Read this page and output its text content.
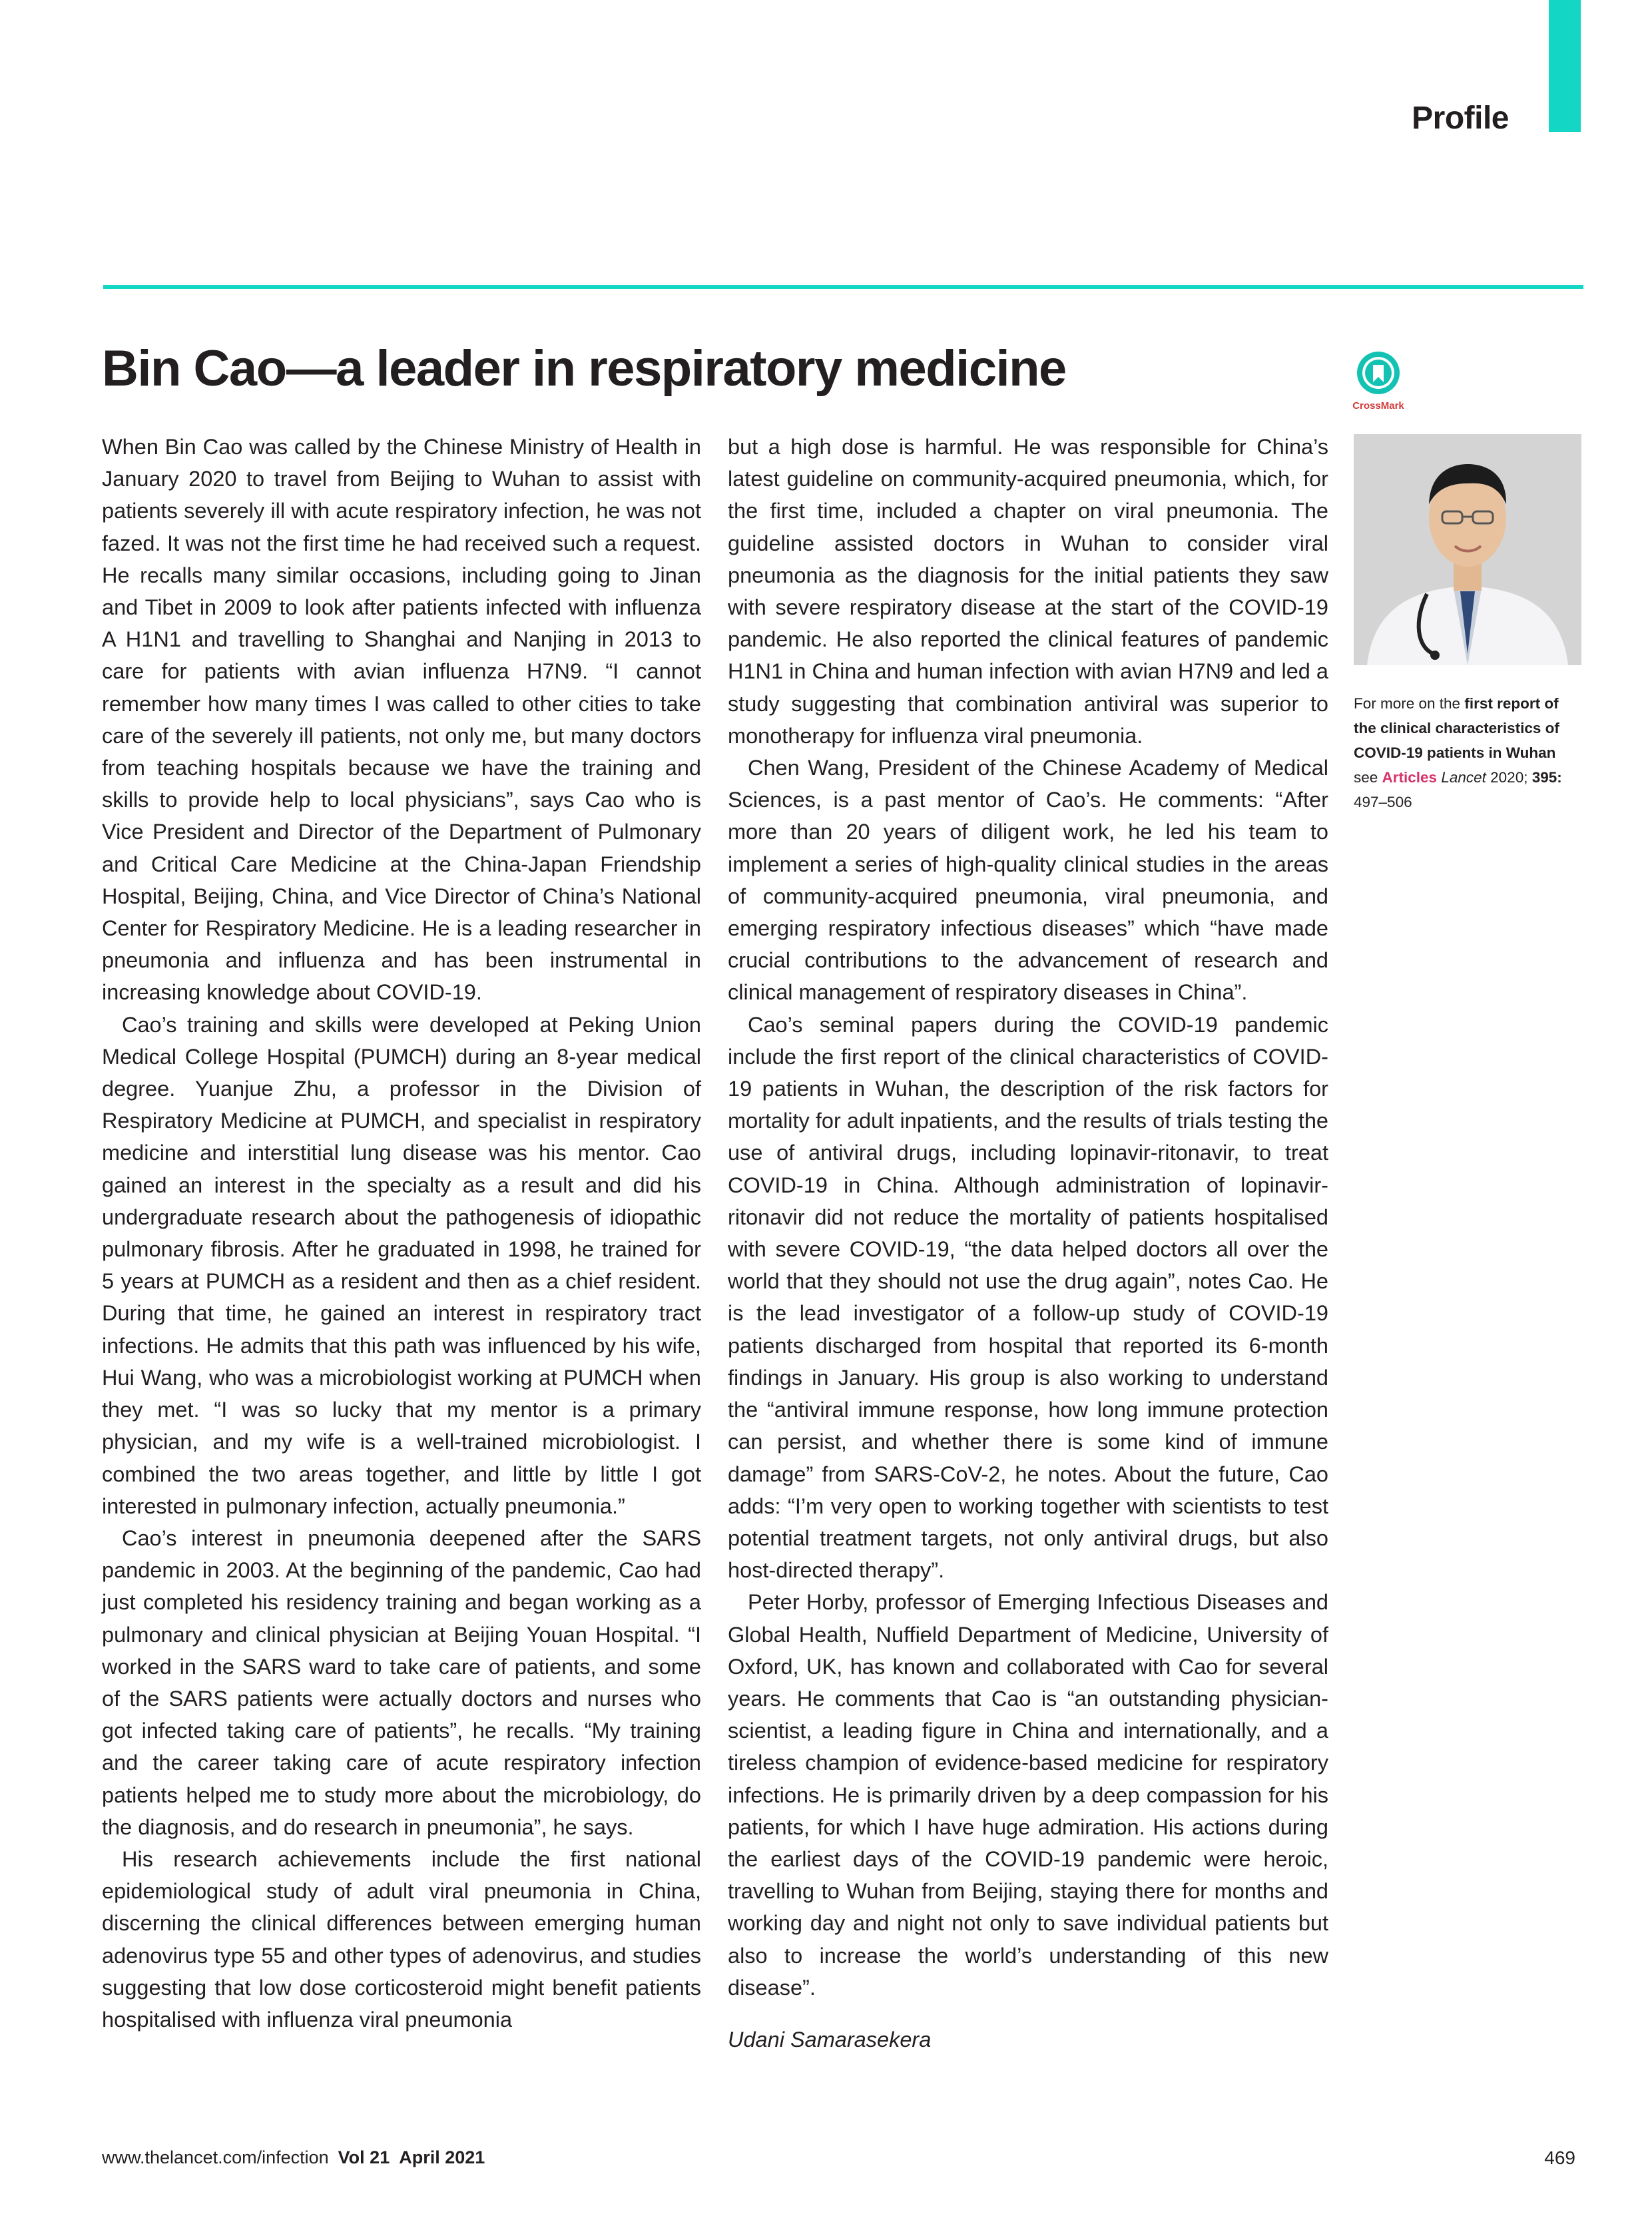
Profile
Bin Cao—a leader in respiratory medicine
CrossMark

When Bin Cao was called by the Chinese Ministry of Health in January 2020 to travel from Beijing to Wuhan to assist with patients severely ill with acute respiratory infection, he was not fazed. It was not the first time he had received such a request. He recalls many similar occasions, including going to Jinan and Tibet in 2009 to look after patients infected with influenza A H1N1 and travelling to Shanghai and Nanjing in 2013 to care for patients with avian influenza H7N9. “I cannot remember how many times I was called to other cities to take care of the severely ill patients, not only me, but many doctors from teaching hospitals because we have the training and skills to provide help to local physicians”, says Cao who is Vice President and Director of the Department of Pulmonary and Critical Care Medicine at the China-Japan Friendship Hospital, Beijing, China, and Vice Director of China’s National Center for Respiratory Medicine. He is a leading researcher in pneumonia and influenza and has been instrumental in increasing knowledge about COVID-19.

Cao’s training and skills were developed at Peking Union Medical College Hospital (PUMCH) during an 8-year medical degree. Yuanjue Zhu, a professor in the Division of Respiratory Medicine at PUMCH, and specialist in respiratory medicine and interstitial lung disease was his mentor. Cao gained an interest in the specialty as a result and did his undergraduate research about the pathogenesis of idiopathic pulmonary fibrosis. After he graduated in 1998, he trained for 5 years at PUMCH as a resident and then as a chief resident. During that time, he gained an interest in respiratory tract infections. He admits that this path was influenced by his wife, Hui Wang, who was a microbiologist working at PUMCH when they met. “I was so lucky that my mentor is a primary physician, and my wife is a well-trained microbiologist. I combined the two areas together, and little by little I got interested in pulmonary infection, actually pneumonia.”

Cao’s interest in pneumonia deepened after the SARS pandemic in 2003. At the beginning of the pandemic, Cao had just completed his residency training and began working as a pulmonary and clinical physician at Beijing Youan Hospital. “I worked in the SARS ward to take care of patients, and some of the SARS patients were actually doctors and nurses who got infected taking care of patients”, he recalls. “My training and the career taking care of acute respiratory infection patients helped me to study more about the microbiology, do the diagnosis, and do research in pneumonia”, he says.

His research achievements include the first national epidemiological study of adult viral pneumonia in China, discerning the clinical differences between emerging human adenovirus type 55 and other types of adenovirus, and studies suggesting that low dose corticosteroid might benefit patients hospitalised with influenza viral pneumonia

but a high dose is harmful. He was responsible for China’s latest guideline on community-acquired pneumonia, which, for the first time, included a chapter on viral pneumonia. The guideline assisted doctors in Wuhan to consider viral pneumonia as the diagnosis for the initial patients they saw with severe respiratory disease at the start of the COVID-19 pandemic. He also reported the clinical features of pandemic H1N1 in China and human infection with avian H7N9 and led a study suggesting that combination antiviral was superior to monotherapy for influenza viral pneumonia.

Chen Wang, President of the Chinese Academy of Medical Sciences, is a past mentor of Cao’s. He comments: “After more than 20 years of diligent work, he led his team to implement a series of high-quality clinical studies in the areas of community-acquired pneumonia, viral pneumonia, and emerging respiratory infectious diseases” which “have made crucial contributions to the advancement of research and clinical management of respiratory diseases in China”.

Cao’s seminal papers during the COVID-19 pandemic include the first report of the clinical characteristics of COVID-19 patients in Wuhan, the description of the risk factors for mortality for adult inpatients, and the results of trials testing the use of antiviral drugs, including lopinavir-ritonavir, to treat COVID-19 in China. Although administration of lopinavir-ritonavir did not reduce the mortality of patients hospitalised with severe COVID-19, “the data helped doctors all over the world that they should not use the drug again”, notes Cao. He is the lead investigator of a follow-up study of COVID-19 patients discharged from hospital that reported its 6-month findings in January. His group is also working to understand the “antiviral immune response, how long immune protection can persist, and whether there is some kind of immune damage” from SARS-CoV-2, he notes. About the future, Cao adds: “I’m very open to working together with scientists to test potential treatment targets, not only antiviral drugs, but also host-directed therapy”.

Peter Horby, professor of Emerging Infectious Diseases and Global Health, Nuffield Department of Medicine, University of Oxford, UK, has known and collaborated with Cao for several years. He comments that Cao is “an outstanding physician-scientist, a leading figure in China and internationally, and a tireless champion of evidence-based medicine for respiratory infections. He is primarily driven by a deep compassion for his patients, for which I have huge admiration. His actions during the earliest days of the COVID-19 pandemic were heroic, travelling to Wuhan from Beijing, staying there for months and working day and night not only to save individual patients but also to increase the world’s understanding of this new disease”.

Udani Samarasekera

For more on the first report of the clinical characteristics of COVID-19 patients in Wuhan see Articles Lancet 2020; 395: 497–506
www.thelancet.com/infection Vol 21 April 2021	469
